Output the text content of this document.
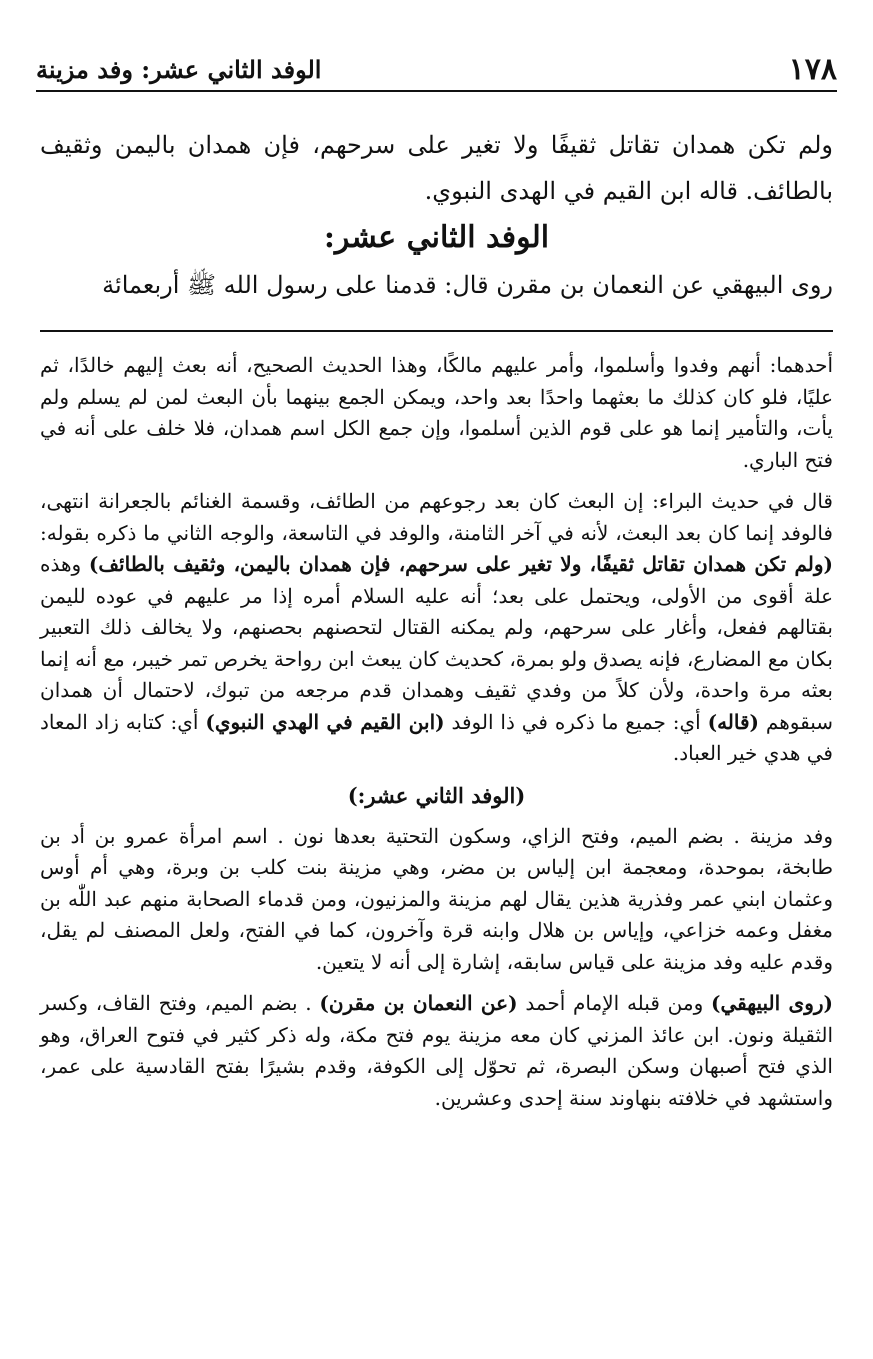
١٧٨
الوفد الثاني عشر: وفد مزينة

ولم تكن همدان تقاتل ثقيفًا ولا تغير على سرحهم، فإن همدان باليمن وثقيف بالطائف. قاله ابن القيم في الهدى النبوي.

الوفد الثاني عشر:

روى البيهقي عن النعمان بن مقرن قال: قدمنا على رسول الله ﷺ أربعمائة

أحدهما: أنهم وفدوا وأسلموا، وأمر عليهم مالكًا، وهذا الحديث الصحيح، أنه بعث إليهم خالدًا، ثم عليًا، فلو كان كذلك ما بعثهما واحدًا بعد واحد، ويمكن الجمع بينهما بأن البعث لمن لم يسلم ولم يأت، والتأمير إنما هو على قوم الذين أسلموا، وإن جمع الكل اسم همدان، فلا خلف على أنه في فتح الباري.

قال في حديث البراء: إن البعث كان بعد رجوعهم من الطائف، وقسمة الغنائم بالجعرانة انتهى، فالوفد إنما كان بعد البعث، لأنه في آخر الثامنة، والوفد في التاسعة، والوجه الثاني ما ذكره بقوله: (ولم تكن همدان تقاتل ثقيفًا، ولا تغير على سرحهم، فإن همدان باليمن، وثقيف بالطائف) وهذه علة أقوى من الأولى، ويحتمل على بعد؛ أنه عليه السلام أمره إذا مر عليهم في عوده لليمن بقتالهم ففعل، وأغار على سرحهم، ولم يمكنه القتال لتحصنهم بحصنهم، ولا يخالف ذلك التعبير بكان مع المضارع، فإنه يصدق ولو بمرة، كحديث كان يبعث ابن رواحة يخرص تمر خيبر، مع أنه إنما بعثه مرة واحدة، ولأن كلاً من وفدي ثقيف وهمدان قدم مرجعه من تبوك، لاحتمال أن همدان سبقوهم (قاله) أي: جميع ما ذكره في ذا الوفد (ابن القيم في الهدي النبوي) أي: كتابه زاد المعاد في هدي خير العباد.

(الوفد الثاني عشر:)

وفد مزينة . بضم الميم، وفتح الزاي، وسكون التحتية بعدها نون . اسم امرأة عمرو بن أد بن طابخة، بموحدة، ومعجمة ابن إلياس بن مضر، وهي مزينة بنت كلب بن وبرة، وهي أم أوس وعثمان ابني عمر وفذرية هذين يقال لهم مزينة والمزنيون، ومن قدماء الصحابة منهم عبد اللّٰه بن مغفل وعمه خزاعي، وإياس بن هلال وابنه قرة وآخرون، كما في الفتح، ولعل المصنف لم يقل، وقدم عليه وفد مزينة على قياس سابقه، إشارة إلى أنه لا يتعين.

(روى البيهقي) ومن قبله الإمام أحمد (عن النعمان بن مقرن) . بضم الميم، وفتح القاف، وكسر الثقيلة ونون. ابن عائذ المزني كان معه مزينة يوم فتح مكة، وله ذكر كثير في فتوح العراق، وهو الذي فتح أصبهان وسكن البصرة، ثم تحوّل إلى الكوفة، وقدم بشيرًا بفتح القادسية على عمر، واستشهد في خلافته بنهاوند سنة إحدى وعشرين.
